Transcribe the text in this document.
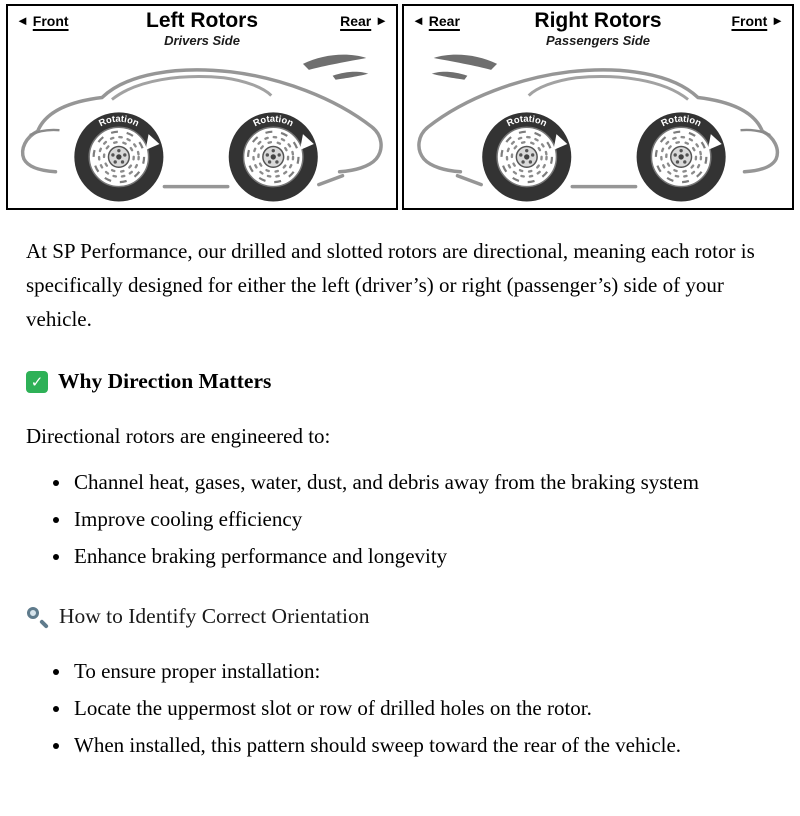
◄ Front	Left Rotors
Drivers Side
Rear ► ◄ Rear	Right Rotors
Passengers Side
Front ►

At SP Performance, our drilled and slotted rotors are directional, meaning each rotor is specifically designed for either the left (driver’s) or right (passenger’s) side of your vehicle.

✓ Why Direction Matters

Directional rotors are engineered to:

• Channel heat, gases, water, dust, and debris away from the braking system
• Improve cooling efficiency
• Enhance braking performance and longevity
How to Identify Correct Orientation
• To ensure proper installation:
• Locate the uppermost slot or row of drilled holes on the rotor.
• When installed, this pattern should sweep toward the rear of the vehicle.
